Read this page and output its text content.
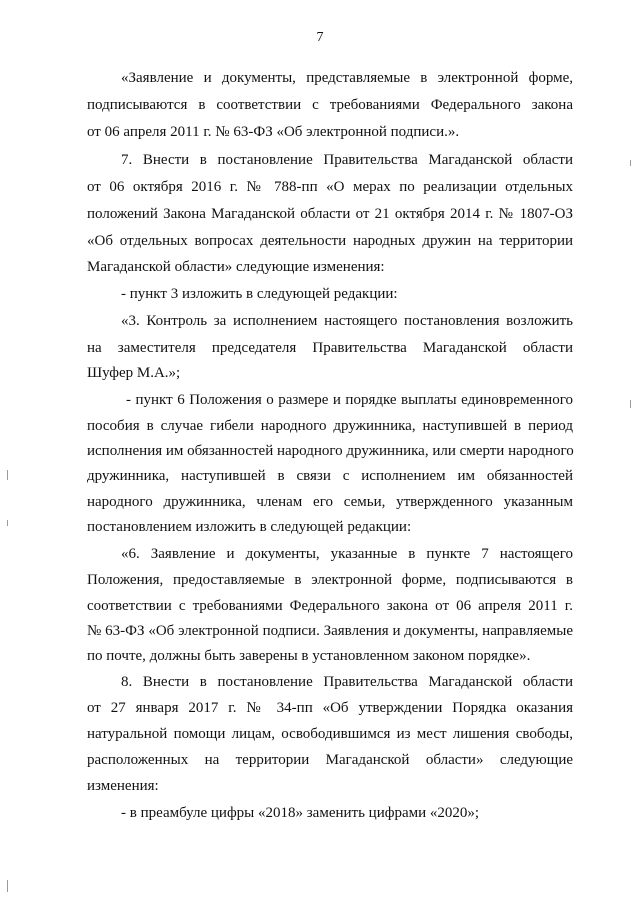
7
«Заявление и документы, представляемые в электронной форме,
подписываются в соответствии с требованиями Федерального закона
от 06 апреля 2011 г. № 63-ФЗ «Об электронной подписи.».
7. Внести в постановление Правительства Магаданской области
от 06 октября 2016 г. № 788-пп «О мерах по реализации отдельных
положений Закона Магаданской области от 21 октября 2014 г. № 1807-ОЗ
«Об отдельных вопросах деятельности народных дружин на территории
Магаданской области» следующие изменения:
- пункт 3 изложить в следующей редакции:
«3. Контроль за исполнением настоящего постановления возложить
на заместителя председателя Правительства Магаданской области
Шуфер М.А.»;
- пункт 6 Положения о размере и порядке выплаты единовременного
пособия в случае гибели народного дружинника, наступившей в период
исполнения им обязанностей народного дружинника, или смерти народного
дружинника, наступившей в связи с исполнением им обязанностей
народного дружинника, членам его семьи, утвержденного указанным
постановлением изложить в следующей редакции:
«6. Заявление и документы, указанные в пункте 7 настоящего
Положения, предоставляемые в электронной форме, подписываются в
соответствии с требованиями Федерального закона от 06 апреля 2011 г.
№ 63-ФЗ «Об электронной подписи. Заявления и документы, направляемые
по почте, должны быть заверены в установленном законом порядке».
8. Внести в постановление Правительства Магаданской области
от 27 января 2017 г. № 34-пп «Об утверждении Порядка оказания
натуральной помощи лицам, освободившимся из мест лишения свободы,
расположенных на территории Магаданской области» следующие
изменения:
- в преамбуле цифры «2018» заменить цифрами «2020»;
